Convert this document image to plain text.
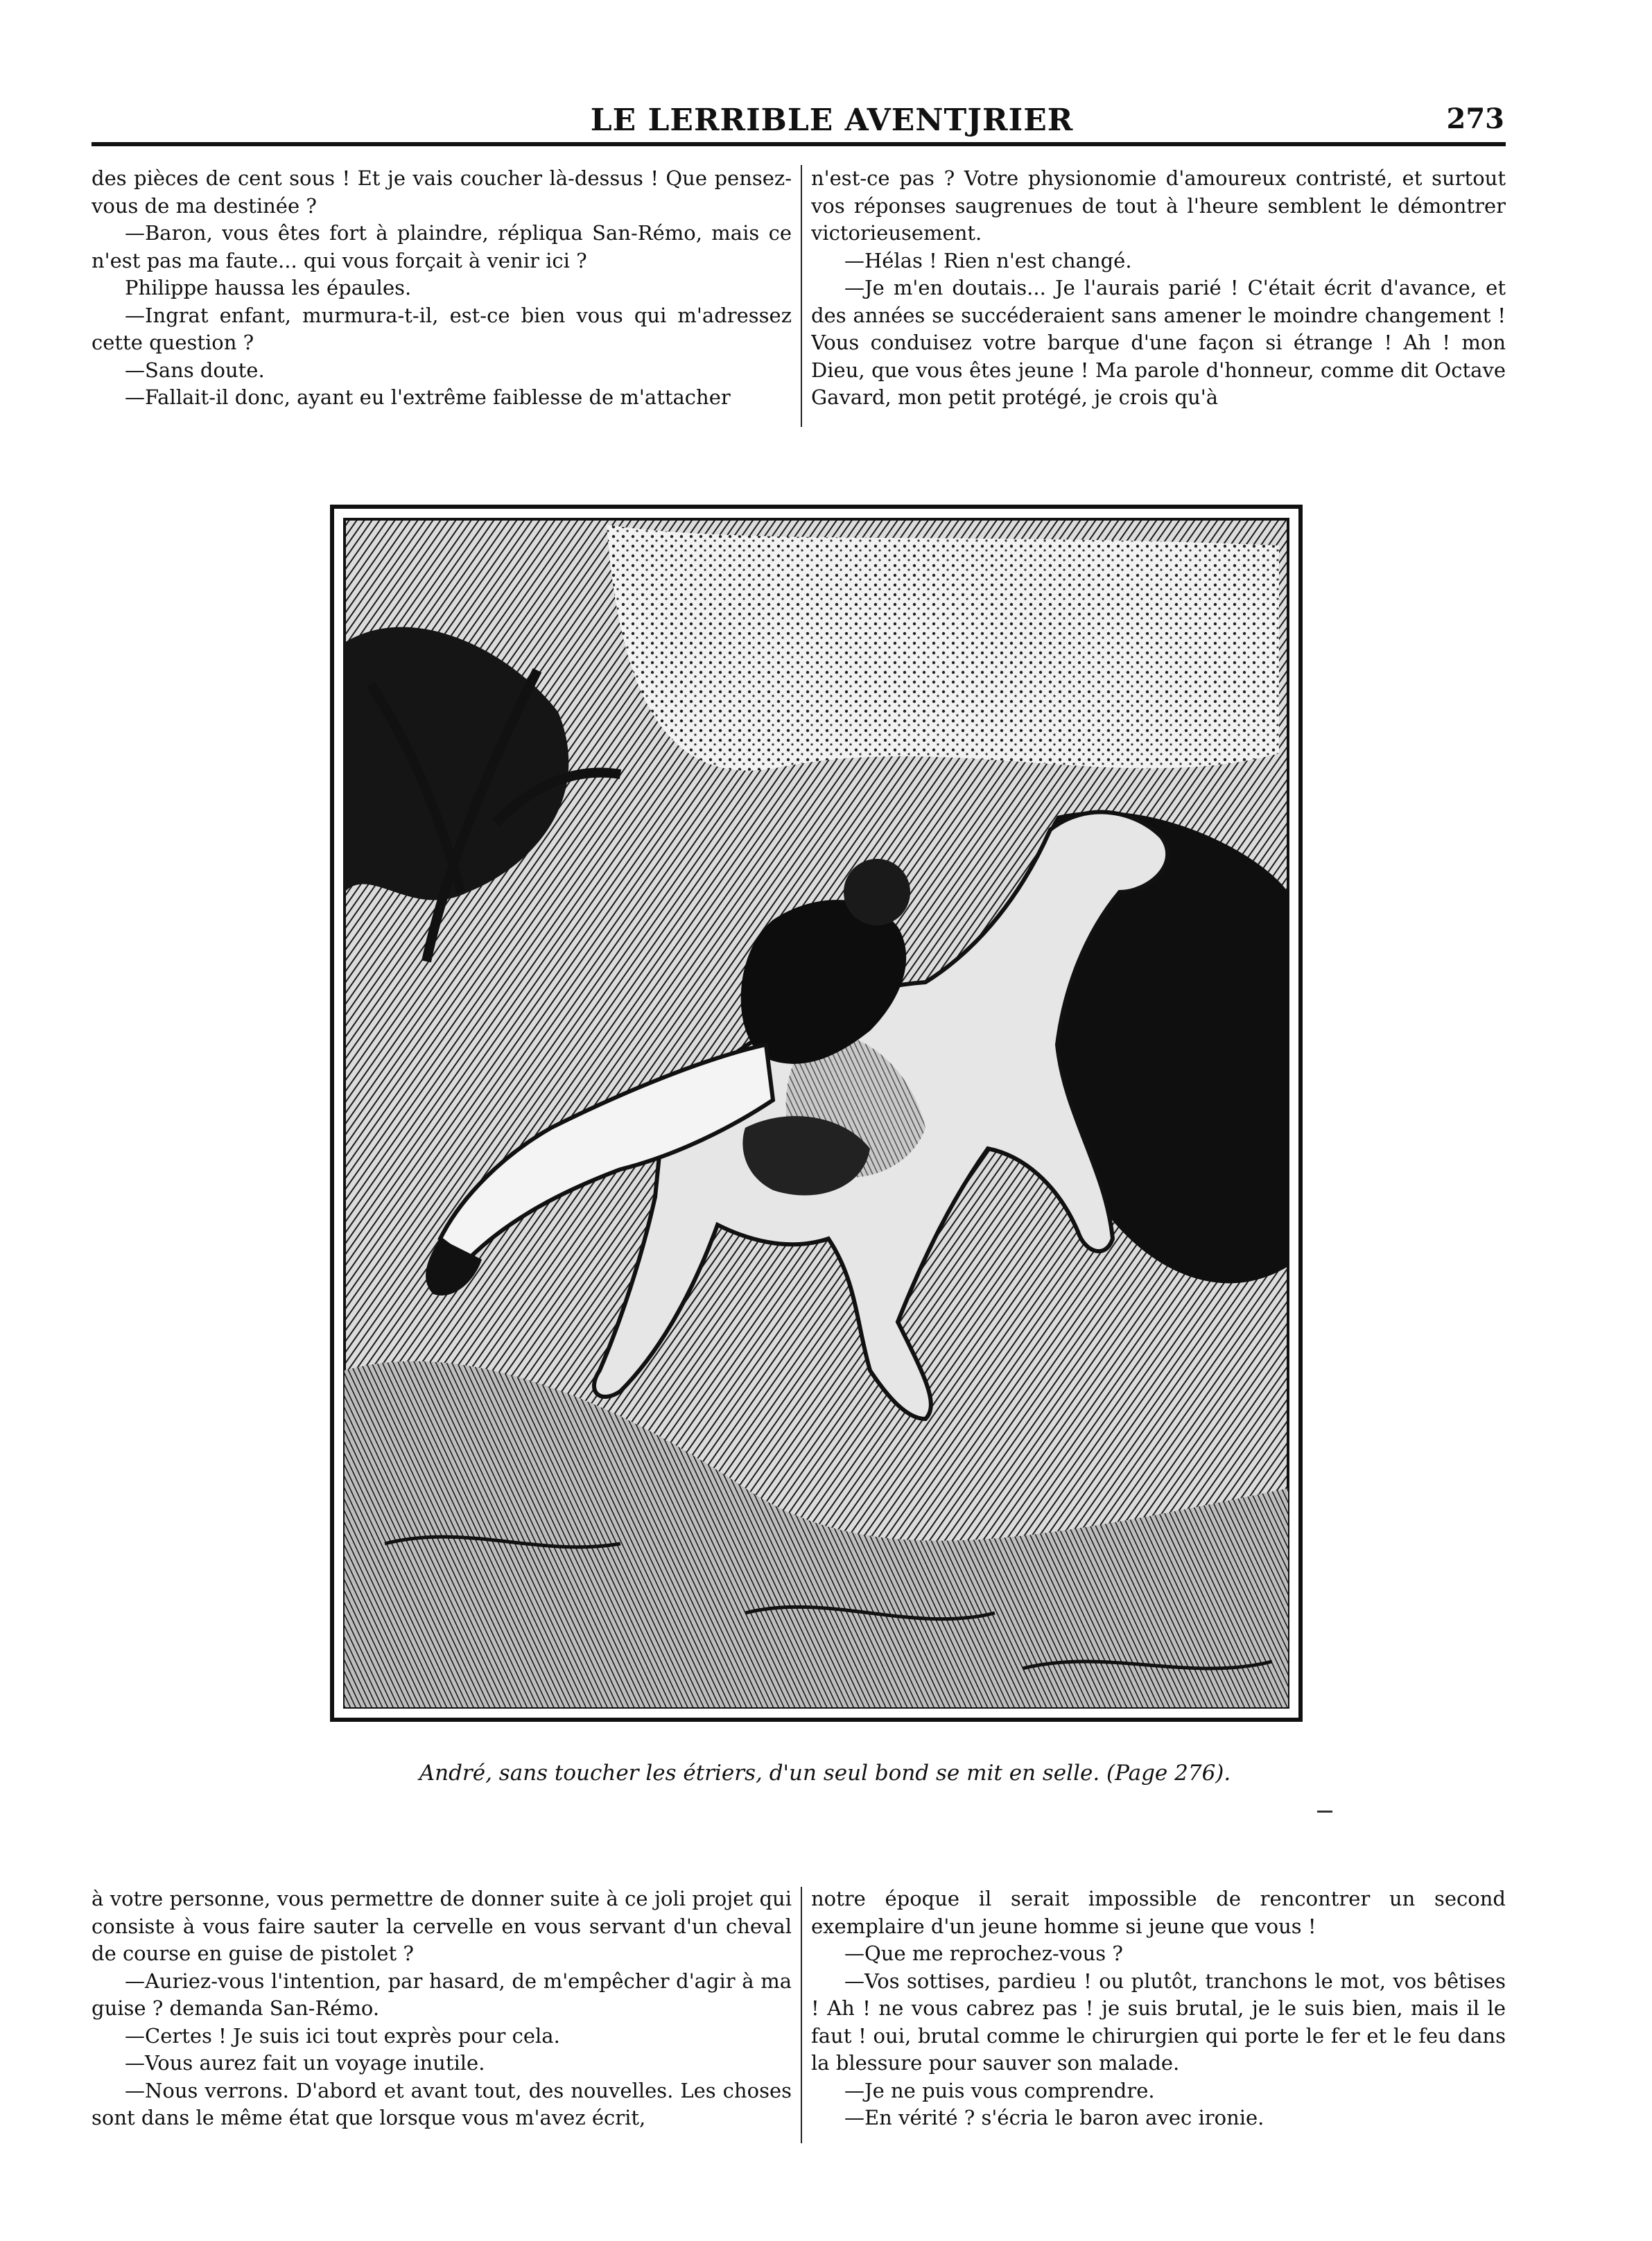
LE LERRIBLE AVENTJRIER	273

des pièces de cent sous ! Et je vais coucher là-dessus ! Que pensez-vous de ma destinée ?

—Baron, vous êtes fort à plaindre, répliqua San-Rémo, mais ce n'est pas ma faute... qui vous forçait à venir ici ?

Philippe haussa les épaules.

—Ingrat enfant, murmura-t-il, est-ce bien vous qui m'adressez cette question ?

—Sans doute.

—Fallait-il donc, ayant eu l'extrême faiblesse de m'attacher

n'est-ce pas ? Votre physionomie d'amoureux contristé, et surtout vos réponses saugrenues de tout à l'heure semblent le démontrer victorieusement.

—Hélas ! Rien n'est changé.

—Je m'en doutais... Je l'aurais parié ! C'était écrit d'avance, et des années se succéderaient sans amener le moindre changement ! Vous conduisez votre barque d'une façon si étrange ! Ah ! mon Dieu, que vous êtes jeune ! Ma parole d'honneur, comme dit Octave Gavard, mon petit protégé, je crois qu'à

André, sans toucher les étriers, d'un seul bond se mit en selle. (Page 276).

à votre personne, vous permettre de donner suite à ce joli projet qui consiste à vous faire sauter la cervelle en vous servant d'un cheval de course en guise de pistolet ?

—Auriez-vous l'intention, par hasard, de m'empêcher d'agir à ma guise ? demanda San-Rémo.

—Certes ! Je suis ici tout exprès pour cela.

—Vous aurez fait un voyage inutile.

—Nous verrons. D'abord et avant tout, des nouvelles. Les choses sont dans le même état que lorsque vous m'avez écrit,

notre époque il serait impossible de rencontrer un second exemplaire d'un jeune homme si jeune que vous !

—Que me reprochez-vous ?

—Vos sottises, pardieu ! ou plutôt, tranchons le mot, vos bêtises ! Ah ! ne vous cabrez pas ! je suis brutal, je le suis bien, mais il le faut ! oui, brutal comme le chirurgien qui porte le fer et le feu dans la blessure pour sauver son malade.

—Je ne puis vous comprendre.

—En vérité ? s'écria le baron avec ironie.
